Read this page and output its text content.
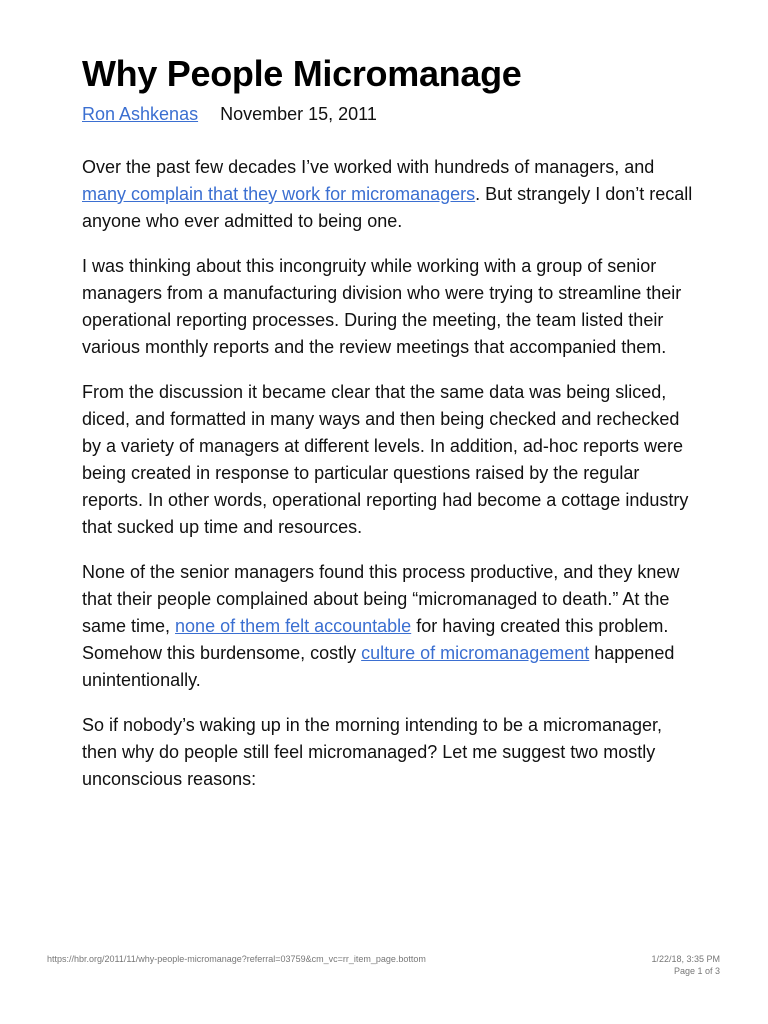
Why People Micromanage
Ron Ashkenas November 15, 2011

Over the past few decades I’ve worked with hundreds of managers, and many complain that they work for micromanagers. But strangely I don’t recall anyone who ever admitted to being one.

I was thinking about this incongruity while working with a group of senior managers from a manufacturing division who were trying to streamline their operational reporting processes. During the meeting, the team listed their various monthly reports and the review meetings that accompanied them.

From the discussion it became clear that the same data was being sliced, diced, and formatted in many ways and then being checked and rechecked by a variety of managers at different levels. In addition, ad-hoc reports were being created in response to particular questions raised by the regular reports. In other words, operational reporting had become a cottage industry that sucked up time and resources.

None of the senior managers found this process productive, and they knew that their people complained about being “micromanaged to death.” At the same time, none of them felt accountable for having created this problem. Somehow this burdensome, costly culture of micromanagement happened unintentionally.

So if nobody’s waking up in the morning intending to be a micromanager, then why do people still feel micromanaged? Let me suggest two mostly unconscious reasons:

https://hbr.org/2011/11/why-people-micromanage?referral=03759&cm_vc=rr_item_page.bottom	1/22/18, 3:35 PM
Page 1 of 3
